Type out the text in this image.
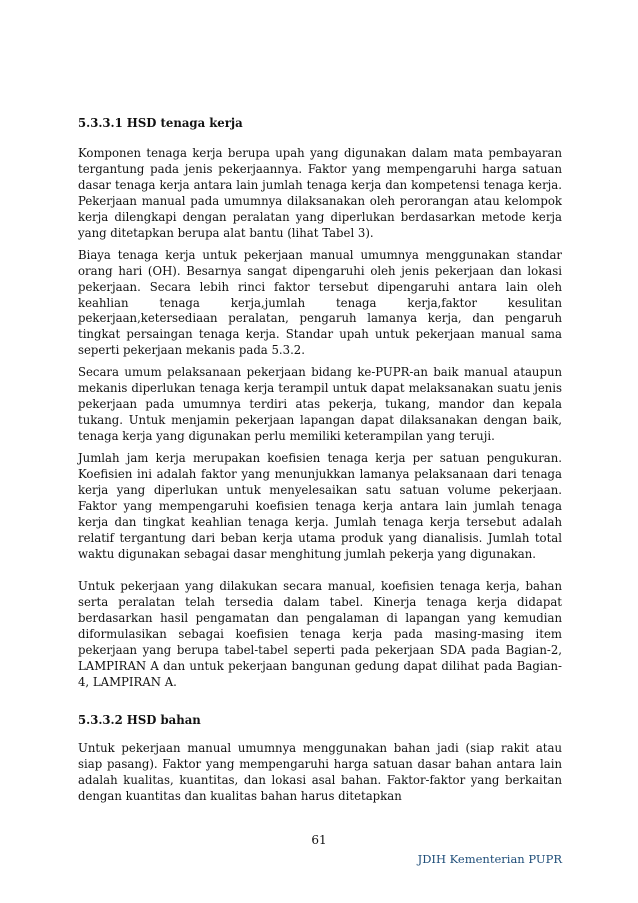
5.3.3.1 HSD tenaga kerja

Komponen tenaga kerja berupa upah yang digunakan dalam mata pembayaran tergantung pada jenis pekerjaannya. Faktor yang mempengaruhi harga satuan dasar tenaga kerja antara lain jumlah tenaga kerja dan kompetensi tenaga kerja. Pekerjaan manual pada umumnya dilaksanakan oleh perorangan atau kelompok kerja dilengkapi dengan peralatan yang diperlukan berdasarkan metode kerja yang ditetapkan berupa alat bantu (lihat Tabel 3).

Biaya tenaga kerja untuk pekerjaan manual umumnya menggunakan standar orang hari (OH). Besarnya sangat dipengaruhi oleh jenis pekerjaan dan lokasi pekerjaan. Secara lebih rinci faktor tersebut dipengaruhi antara lain oleh keahlian tenaga kerja,jumlah tenaga kerja,faktor kesulitan pekerjaan,ketersediaan peralatan, pengaruh lamanya kerja, dan pengaruh tingkat persaingan tenaga kerja. Standar upah untuk pekerjaan manual sama seperti pekerjaan mekanis pada 5.3.2.

Secara umum pelaksanaan pekerjaan bidang ke-PUPR-an baik manual ataupun mekanis diperlukan tenaga kerja terampil untuk dapat melaksanakan suatu jenis pekerjaan pada umumnya terdiri atas pekerja, tukang, mandor dan kepala tukang. Untuk menjamin pekerjaan lapangan dapat dilaksanakan dengan baik, tenaga kerja yang digunakan perlu memiliki keterampilan yang teruji.

Jumlah jam kerja merupakan koefisien tenaga kerja per satuan pengukuran. Koefisien ini adalah faktor yang menunjukkan lamanya pelaksanaan dari tenaga kerja yang diperlukan untuk menyelesaikan satu satuan volume pekerjaan. Faktor yang mempengaruhi koefisien tenaga kerja antara lain jumlah tenaga kerja dan tingkat keahlian tenaga kerja. Jumlah tenaga kerja tersebut adalah relatif tergantung dari beban kerja utama produk yang dianalisis. Jumlah total waktu digunakan sebagai dasar menghitung jumlah pekerja yang digunakan.

Untuk pekerjaan yang dilakukan secara manual, koefisien tenaga kerja, bahan serta peralatan telah tersedia dalam tabel. Kinerja tenaga kerja didapat berdasarkan hasil pengamatan dan pengalaman di lapangan yang kemudian diformulasikan sebagai koefisien tenaga kerja pada masing-masing item pekerjaan yang berupa tabel-tabel seperti pada pekerjaan SDA pada Bagian-2, LAMPIRAN A dan untuk pekerjaan bangunan gedung dapat dilihat pada Bagian-4, LAMPIRAN A.

5.3.3.2 HSD bahan

Untuk pekerjaan manual umumnya menggunakan bahan jadi (siap rakit atau siap pasang). Faktor yang mempengaruhi harga satuan dasar bahan antara lain adalah kualitas, kuantitas, dan lokasi asal bahan. Faktor-faktor yang berkaitan dengan kuantitas dan kualitas bahan harus ditetapkan

61
JDIH Kementerian PUPR
